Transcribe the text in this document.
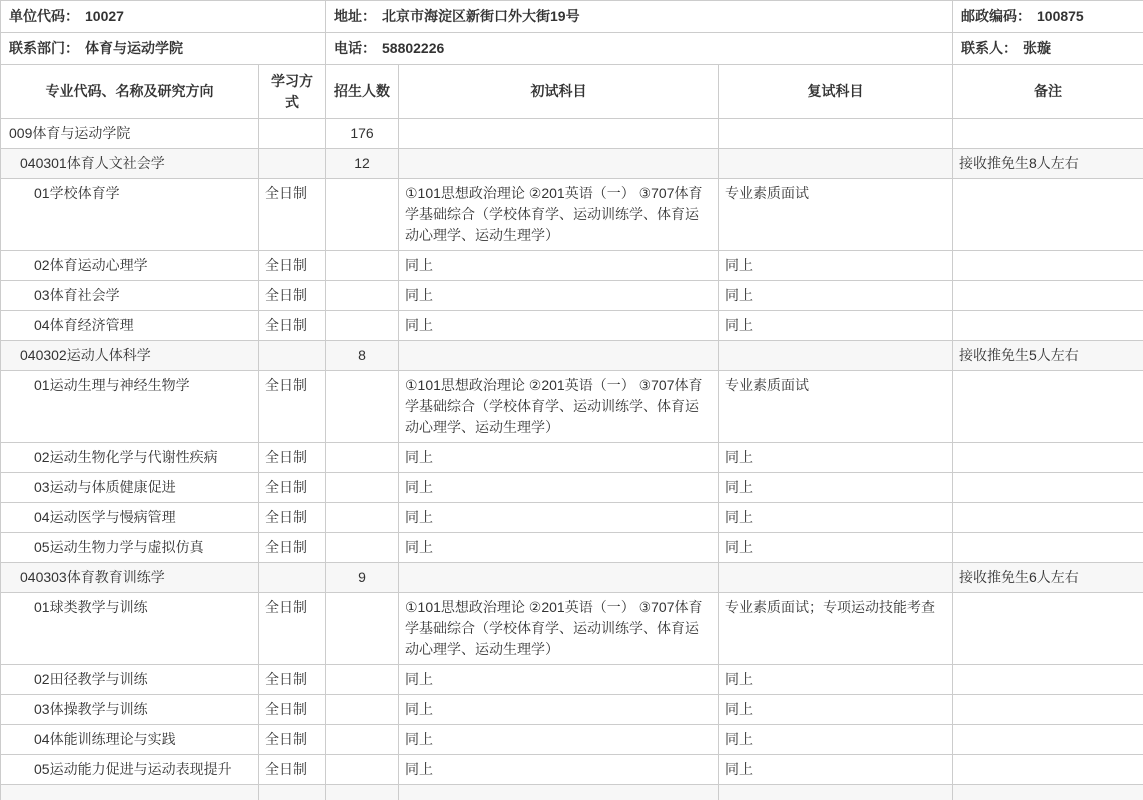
单位代码： 10027	地址： 北京市海淀区新街口外大街19号	邮政编码： 100875
联系部门： 体育与运动学院	电话： 58802226	联系人： 张璇
专业代码、名称及研究方向	学习方式	招生人数	初试科目	复试科目	备注
009体育与运动学院		176			
040301体育人文社会学		12			接收推免生8人左右
01学校体育学	全日制		①101思想政治理论 ②201英语（一） ③707体育学基础综合（学校体育学、运动训练学、体育运动心理学、运动生理学）	专业素质面试	
02体育运动心理学	全日制		同上	同上	
03体育社会学	全日制		同上	同上	
04体育经济管理	全日制		同上	同上	
040302运动人体科学		8			接收推免生5人左右
01运动生理与神经生物学	全日制		①101思想政治理论 ②201英语（一） ③707体育学基础综合（学校体育学、运动训练学、体育运动心理学、运动生理学）	专业素质面试	
02运动生物化学与代谢性疾病	全日制		同上	同上	
03运动与体质健康促进	全日制		同上	同上	
04运动医学与慢病管理	全日制		同上	同上	
05运动生物力学与虚拟仿真	全日制		同上	同上	
040303体育教育训练学		9			接收推免生6人左右
01球类教学与训练	全日制		①101思想政治理论 ②201英语（一） ③707体育学基础综合（学校体育学、运动训练学、体育运动心理学、运动生理学）	专业素质面试；专项运动技能考查	
02田径教学与训练	全日制		同上	同上	
03体操教学与训练	全日制		同上	同上	
04体能训练理论与实践	全日制		同上	同上	
05运动能力促进与运动表现提升	全日制		同上	同上	
